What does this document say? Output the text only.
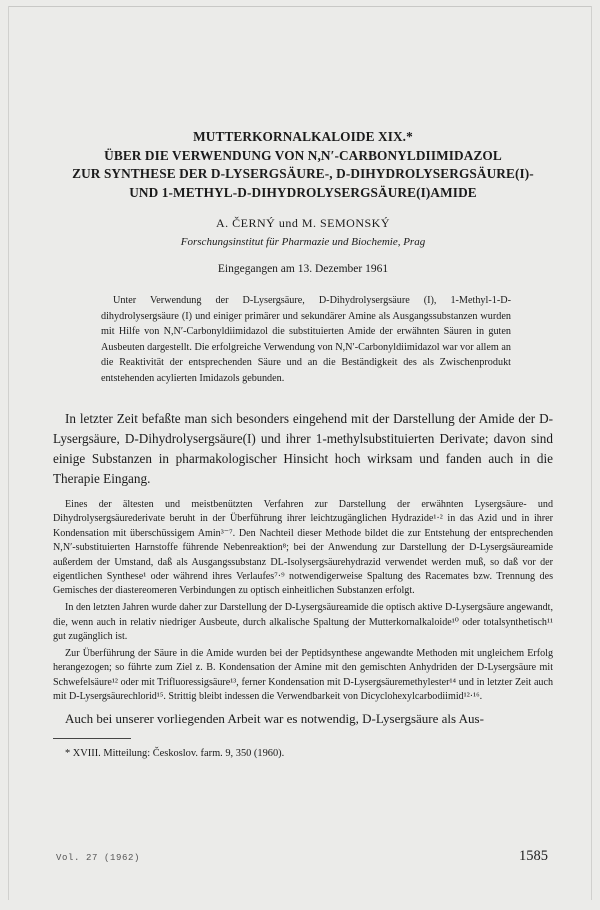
MUTTERKORNALKALOIDE XIX.*

ÜBER DIE VERWENDUNG VON N,N′-CARBONYLDIIMIDAZOL

ZUR SYNTHESE DER D-LYSERGSÄURE-, D-DIHYDROLYSERGSÄURE(I)-

UND 1-METHYL-D-DIHYDROLYSERGSÄURE(I)AMIDE

A. ČERNÝ und M. SEMONSKÝ
Forschungsinstitut für Pharmazie und Biochemie, Prag
Eingegangen am 13. Dezember 1961
Unter Verwendung der D-Lysergsäure, D-Dihydrolysergsäure (I), 1-Methyl-1-D-dihydrolysergsäure (I) und einiger primärer und sekundärer Amine als Ausgangssubstanzen wurden mit Hilfe von N,N′-Carbonyldiimidazol die substituierten Amide der erwähnten Säuren in guten Ausbeuten dargestellt. Die erfolgreiche Verwendung von N,N′-Carbonyldiimidazol war vor allem an die Reaktivität der entsprechenden Säure und an die Beständigkeit des als Zwischenprodukt entstehenden acylierten Imidazols gebunden.
In letzter Zeit befaßte man sich besonders eingehend mit der Darstellung der Amide der D-Lysergsäure, D-Dihydrolysergsäure(I) und ihrer 1-methylsubstituierten Derivate; davon sind einige Substanzen in pharmakologischer Hinsicht hoch wirksam und fanden auch in die Therapie Eingang.

Eines der ältesten und meistbenützten Verfahren zur Darstellung der erwähnten Lysergsäure- und Dihydrolysergsäurederivate beruht in der Überführung ihrer leichtzugänglichen Hydrazide¹·² in das Azid und in ihrer Kondensation mit überschüssigem Amin³⁻⁷. Den Nachteil dieser Methode bildet die zur Entstehung der entsprechenden N,N′-substituierten Harnstoffe führende Nebenreaktion⁸; bei der Anwendung zur Darstellung der D-Lysergsäureamide außerdem der Umstand, daß als Ausgangssubstanz DL-Isolysergsäurehydrazid verwendet werden muß, so daß vor der eigentlichen Synthese¹ oder während ihres Verlaufes⁷·⁹ notwendigerweise Spaltung des Racemates bzw. Trennung des Gemisches der diastereomeren Verbindungen zu optisch einheitlichen Substanzen erfolgt.

In den letzten Jahren wurde daher zur Darstellung der D-Lysergsäureamide die optisch aktive D-Lysergsäure angewandt, die, wenn auch in relativ niedriger Ausbeute, durch alkalische Spaltung der Mutterkornalkaloide¹⁰ oder totalsynthetisch¹¹ gut zugänglich ist.

Zur Überführung der Säure in die Amide wurden bei der Peptidsynthese angewandte Methoden mit ungleichem Erfolg herangezogen; so führte zum Ziel z. B. Kondensation der Amine mit den gemischten Anhydriden der D-Lysergsäure mit Schwefelsäure¹² oder mit Trifluoressigsäure¹³, ferner Kondensation mit D-Lysergsäuremethylester¹⁴ und in letzter Zeit auch mit D-Lysergsäurechlorid¹⁵. Strittig bleibt indessen die Verwendbarkeit von Dicyclohexylcarbodiimid¹²·¹⁶.

Auch bei unserer vorliegenden Arbeit war es notwendig, D-Lysergsäure als Aus-
* XVIII. Mitteilung: Českoslov. farm. 9, 350 (1960).
Vol. 27 (1962)	1585
